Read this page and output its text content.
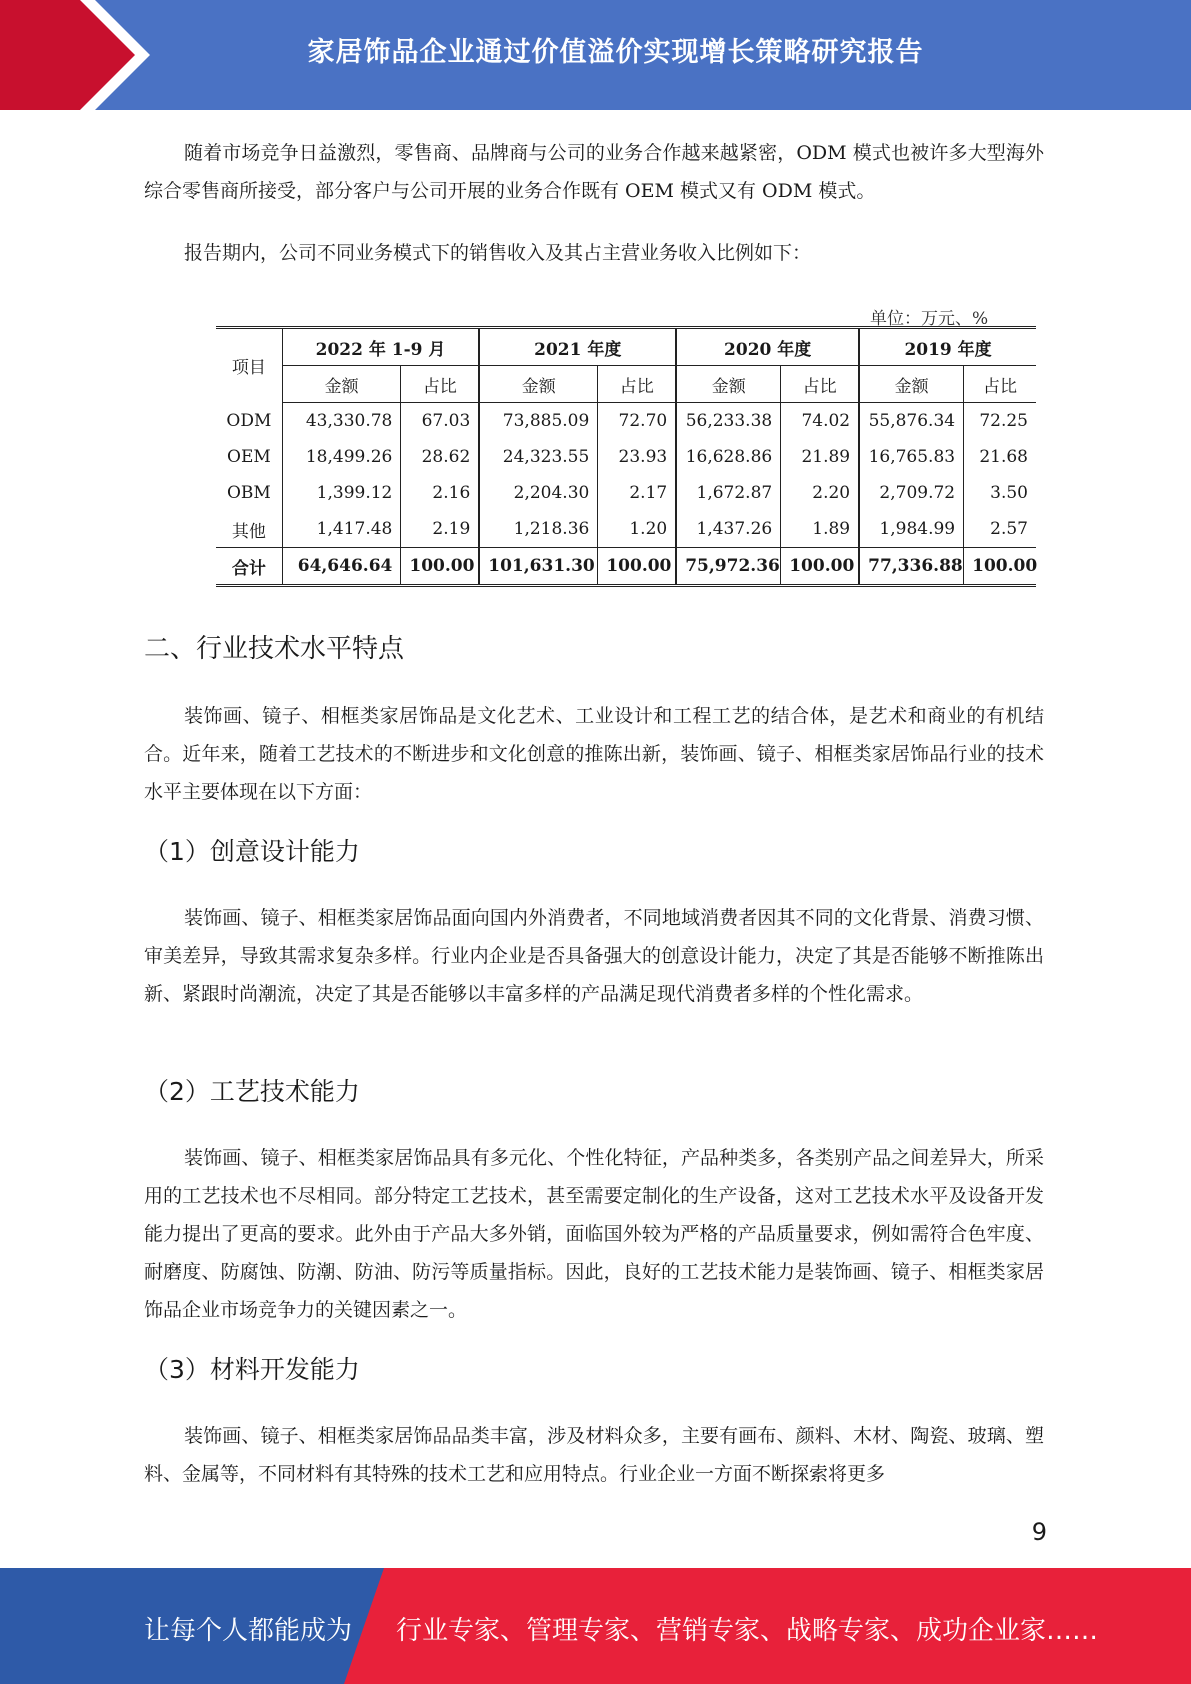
家居饰品企业通过价值溢价实现增长策略研究报告

随着市场竞争日益激烈，零售商、品牌商与公司的业务合作越来越紧密，ODM 模式也被许多大型海外综合零售商所接受，部分客户与公司开展的业务合作既有 OEM 模式又有 ODM 模式。

报告期内，公司不同业务模式下的销售收入及其占主营业务收入比例如下：

单位：万元、%
项目	2022 年 1-9 月		2021 年度		2020 年度		2019 年度	
	金额	占比	金额	占比	金额	占比	金额	占比
ODM	43,330.78	67.03	73,885.09	72.70	56,233.38	74.02	55,876.34	72.25
OEM	18,499.26	28.62	24,323.55	23.93	16,628.86	21.89	16,765.83	21.68
OBM	1,399.12	2.16	2,204.30	2.17	1,672.87	2.20	2,709.72	3.50
其他	1,417.48	2.19	1,218.36	1.20	1,437.26	1.89	1,984.99	2.57
合计	64,646.64	100.00	101,631.30	100.00	75,972.36	100.00	77,336.88	100.00
二、行业技术水平特点

装饰画、镜子、相框类家居饰品是文化艺术、工业设计和工程工艺的结合体，是艺术和商业的有机结合。近年来，随着工艺技术的不断进步和文化创意的推陈出新，装饰画、镜子、相框类家居饰品行业的技术水平主要体现在以下方面：

（1）创意设计能力

装饰画、镜子、相框类家居饰品面向国内外消费者，不同地域消费者因其不同的文化背景、消费习惯、审美差异，导致其需求复杂多样。行业内企业是否具备强大的创意设计能力，决定了其是否能够不断推陈出新、紧跟时尚潮流，决定了其是否能够以丰富多样的产品满足现代消费者多样的个性化需求。

（2）工艺技术能力

装饰画、镜子、相框类家居饰品具有多元化、个性化特征，产品种类多，各类别产品之间差异大，所采用的工艺技术也不尽相同。部分特定工艺技术，甚至需要定制化的生产设备，这对工艺技术水平及设备开发能力提出了更高的要求。此外由于产品大多外销，面临国外较为严格的产品质量要求，例如需符合色牢度、耐磨度、防腐蚀、防潮、防油、防污等质量指标。因此，良好的工艺技术能力是装饰画、镜子、相框类家居饰品企业市场竞争力的关键因素之一。

（3）材料开发能力

装饰画、镜子、相框类家居饰品品类丰富，涉及材料众多，主要有画布、颜料、木材、陶瓷、玻璃、塑料、金属等，不同材料有其特殊的技术工艺和应用特点。行业企业一方面不断探索将更多

9
让每个人都能成为 行业专家、管理专家、营销专家、战略专家、成功企业家……
